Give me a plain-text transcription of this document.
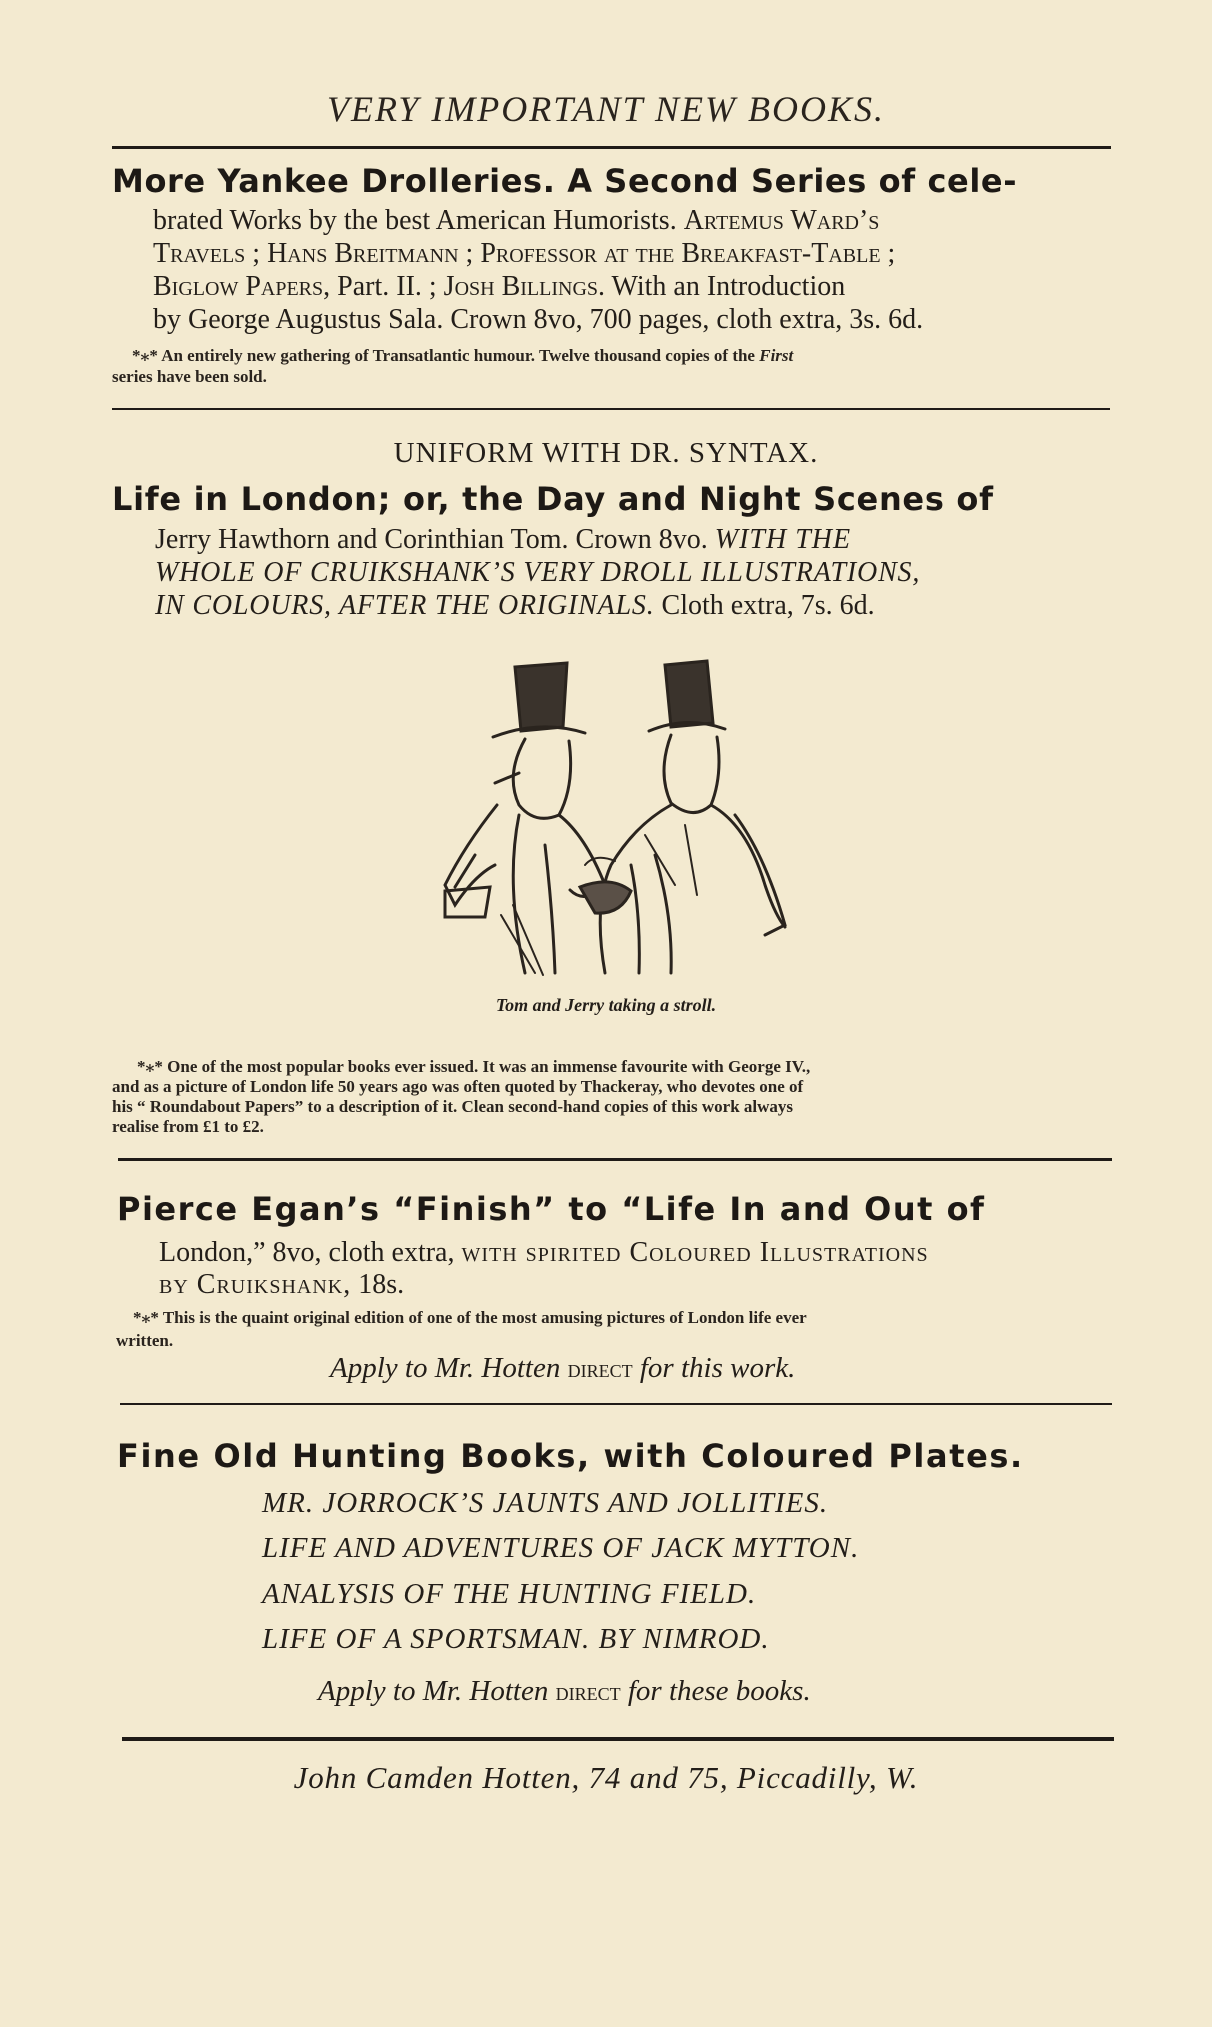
VERY IMPORTANT NEW BOOKS.
More Yankee Drolleries. A Second Series of cele-
brated Works by the best American Humorists. Artemus Ward’s
Travels ; Hans Breitmann ; Professor at the Breakfast-Table ;
Biglow Papers, Part. II. ; Josh Billings. With an Introduction
by George Augustus Sala. Crown 8vo, 700 pages, cloth extra, 3s. 6d.
*⁎* An entirely new gathering of Transatlantic humour. Twelve thousand copies of the First
series have been sold.
UNIFORM WITH DR. SYNTAX.
Life in London; or, the Day and Night Scenes of
Jerry Hawthorn and Corinthian Tom. Crown 8vo. WITH THE
WHOLE OF CRUIKSHANK’S VERY DROLL ILLUSTRATIONS,
IN COLOURS, AFTER THE ORIGINALS. Cloth extra, 7s. 6d.
Tom and Jerry taking a stroll.
*⁎* One of the most popular books ever issued. It was an immense favourite with George IV.,
and as a picture of London life 50 years ago was often quoted by Thackeray, who devotes one of
his “ Roundabout Papers” to a description of it. Clean second-hand copies of this work always
realise from £1 to £2.
Pierce Egan’s “Finish” to “Life In and Out of
London,” 8vo, cloth extra, with spirited Coloured Illustrations
by Cruikshank, 18s.
*⁎* This is the quaint original edition of one of the most amusing pictures of London life ever
written.
Apply to Mr. Hotten direct for this work.
Fine Old Hunting Books, with Coloured Plates.
MR. JORROCK’S JAUNTS AND JOLLITIES.
LIFE AND ADVENTURES OF JACK MYTTON.
ANALYSIS OF THE HUNTING FIELD.
LIFE OF A SPORTSMAN. BY NIMROD.
Apply to Mr. Hotten direct for these books.
John Camden Hotten, 74 and 75, Piccadilly, W.
